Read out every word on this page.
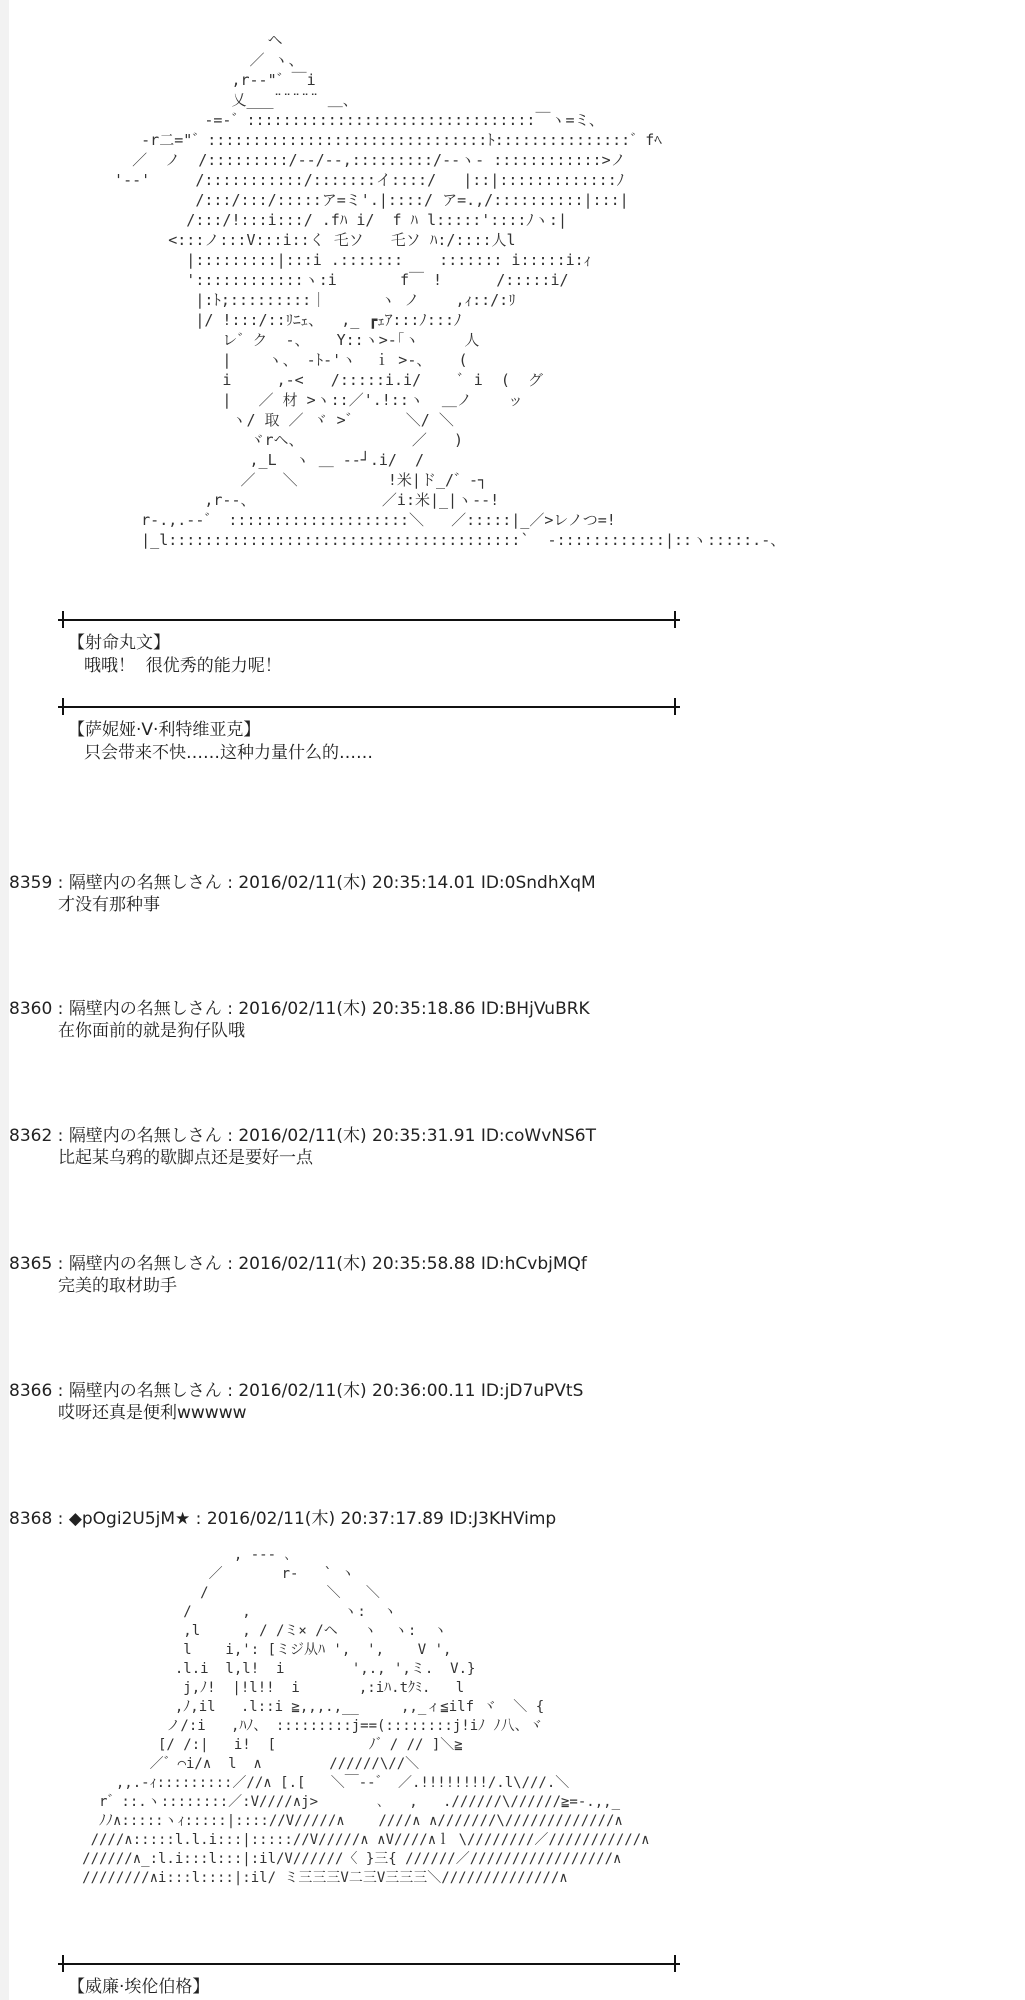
ヘ
／ ヽ、
,r‐‐"゛￣i
乂___¨¨¨¨¨ ＿、
-=‐゛::::::::::::::::::::::::::::::::￣ヽ=ミ、
-r二="゛:::::::::::::::::::::::::::::::ﾄ:::::::::::::::゛fﾍ
／  ノ  /:::::::::/‐‐/‐‐,:::::::::/‐‐ヽ‐ ::::::::::::>ノ
'‐‐'     /:::::::::::/:::::::イ::::/   |::|:::::::::::::ﾉ
/:::/:::/:::::ア=ミ'.|::::/ ア=.,/::::::::::|:::|
/:::/!:::i:::/ .fﾊ i/  f ﾊ l:::::'::::ﾉヽ:|
<:::ノ:::V:::i::く 乇ソ   乇ソ ﾊ:/::::人l
|:::::::::|:::i .:::::::    ::::::: i:::::i:ｨ
'::::::::::::ヽ:i       f￣ !      /:::::i/
|:ﾄ;:::::::::｜      ヽ ノ    ,ｨ::/:ﾘ
|/ !:::/::ﾘﾆｪ、  ,_ ┏ｪｱ:::ﾉ:::ﾉ
レ゛ク  ‐、   Y::ヽ>‐｢ヽ     人
|    ヽ、 ‐ﾄ‐'ヽ  ｉ >‐、   (
i     ,-<   /:::::i.i/    ﾞ i  (  グ
|   ／ 材 >ヽ::／'.!::ヽ  ＿ノ    ッ
ヽ/ 取 ／ ヾ >゛     ＼/ ＼
ヾrヘ、            ／   )
,_L  ヽ ＿ --┘.i/  /
／   ＼          !米|ド_/゛‐┐
,r‐-、              ／i:米|_|ヽ‐‐!
r‐.,.--゛ ::::::::::::::::::::＼   ／:::::|_／>レノつ=!
|_l:::::::::::::::::::::::::::::::::::::::`  -::::::::::::|::ヽ:::::.-、
【射命丸文】
哦哦！  很优秀的能力呢！
【萨妮娅·V·利特维亚克】
只会带来不快……这种力量什么的……
8359 : 隔壁内の名無しさん : 2016/02/11(木) 20:35:14.01 ID:0SndhXqM
才没有那种事
8360 : 隔壁内の名無しさん : 2016/02/11(木) 20:35:18.86 ID:BHjVuBRK
在你面前的就是狗仔队哦
8362 : 隔壁内の名無しさん : 2016/02/11(木) 20:35:31.91 ID:coWvNS6T
比起某乌鸦的歇脚点还是要好一点
8365 : 隔壁内の名無しさん : 2016/02/11(木) 20:35:58.88 ID:hCvbjMQf
完美的取材助手
8366 : 隔壁内の名無しさん : 2016/02/11(木) 20:36:00.11 ID:jD7uPVtS
哎呀还真是便利wwwww
8368 : ◆pOgi2U5jM★ : 2016/02/11(木) 20:37:17.89 ID:J3KHVimp
, ‐‐‐ ､
／       r‐   ` ヽ
/              ＼   ＼
/      ,           ヽ:  ヽ
,l     , / /ミ× /ヘ   ヽ  ヽ:  ヽ
l    i,': [ミジ从ﾊ ',  ',    V ',
.l.i  l,l!  i        ',., ',ミ.  V.}
j,ﾉ!  |!l!!  i       ,:iﾊ.tｸﾐ.   l
,ﾉ,il   .l::i ≧,,,.,__     ,,_ィ≦ilf ヾ  ＼ {
ノ/:i   ,ﾊﾉ、 :::::::::j==(::::::::j!iﾉ ﾉ八、ヾ
[/ /:|   i!  [           ﾉ゛/ // ]＼≧
／゛⌒i/∧  l  ∧        //////\//＼
,,.-ｨ:::::::::／//∧ [.[   ＼￣‐‐゛ ／.!!!!!!!!/.l\///.＼
r゛::.ヽ::::::::／:V////∧j>       ､   ,   .//////\//////≧=-.,,_
ﾉﾉ∧:::::ヽｨ:::::|:::://V/////∧    ////∧ ∧///////\/////////////∧
////∧:::::l.l.i:::|::::://V/////∧ ∧V////∧ｌ \////////／///////////∧
//////∧_:l.i:::l:::|:il/V//////〈 }三{ //////／/////////////////∧
////////∧i:::l::::|:il/ ミ三三三V二三V三三三＼//////////////∧
【威廉·埃伦伯格】
